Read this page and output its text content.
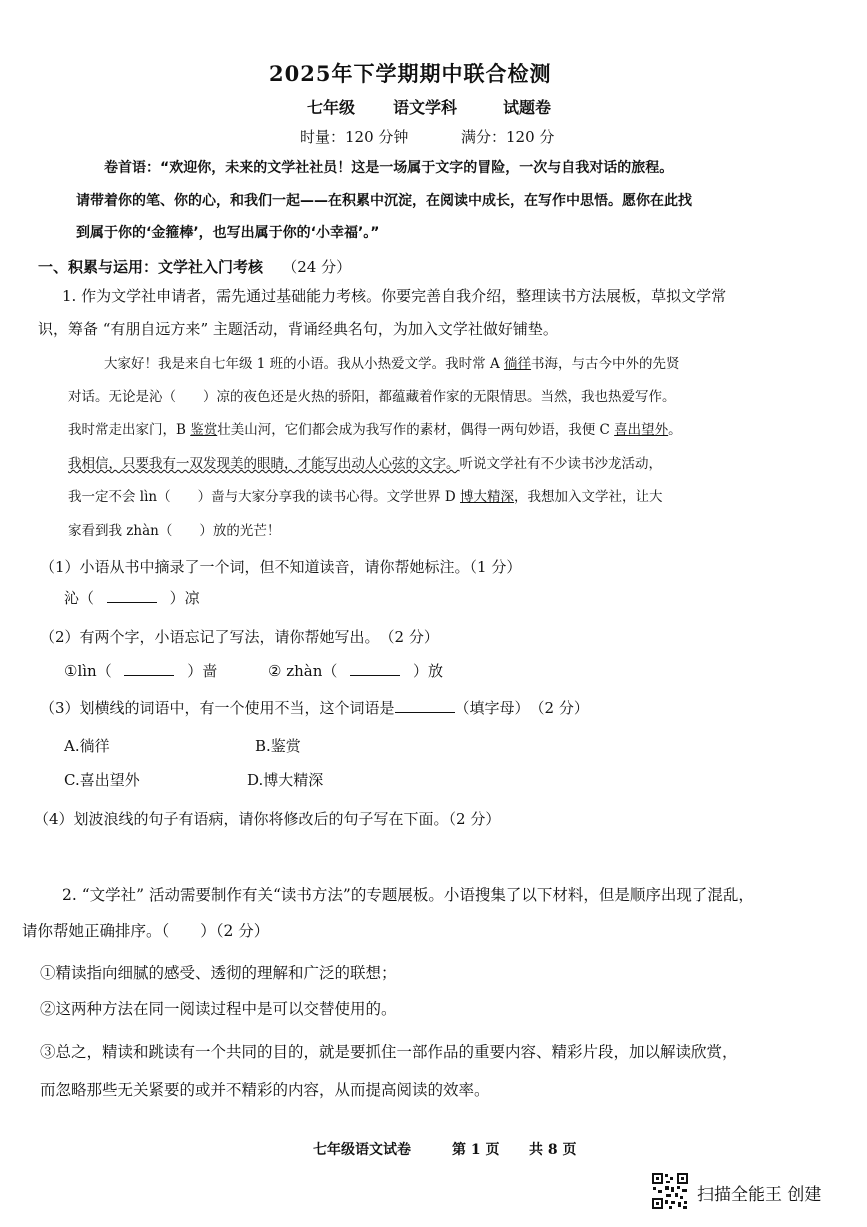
2025年下学期期中联合检测
七年级 语文学科	试题卷
时量：120 分钟	满分：120 分
卷首语：“欢迎你，未来的文学社社员！这是一场属于文字的冒险，一次与自我对话的旅程。
请带着你的笔、你的心，和我们一起——在积累中沉淀，在阅读中成长，在写作中思悟。愿你在此找
到属于你的‘金箍棒’，也写出属于你的‘小幸福’。”
一、积累与运用：文学社入门考核 （24 分）
1. 作为文学社申请者，需先通过基础能力考核。你要完善自我介绍，整理读书方法展板，草拟文学常
识，筹备 “有朋自远方来” 主题活动，背诵经典名句，为加入文学社做好铺垫。
大家好！我是来自七年级 1 班的小语。我从小热爱文学。我时常 A 徜徉书海，与古今中外的先贤
对话。无论是沁（　　）凉的夜色还是火热的骄阳，都蕴藏着作家的无限情思。当然，我也热爱写作。
我时常走出家门，B 鉴赏壮美山河，它们都会成为我写作的素材，偶得一两句妙语，我便 C 喜出望外。
我相信，只要我有一双发现美的眼睛，才能写出动人心弦的文字。听说文学社有不少读书沙龙活动，
我一定不会 lìn（　　）啬与大家分享我的读书心得。文学世界 D 博大精深，我想加入文学社，让大
家看到我 zhàn（　　）放的光芒！
（1）小语从书中摘录了一个词，但不知道读音，请你帮她标注。（1 分）
沁（	）凉
（2）有两个字，小语忘记了写法，请你帮她写出。　（2 分）
①lìn（	）啬	② zhàn（	）放
（3）划横线的词语中，有一个使用不当，这个词语是	（填字母）　（2 分）
A.徜徉	B.鉴赏
C.喜出望外	D.博大精深
（4）划波浪线的句子有语病，请你将修改后的句子写在下面。（2 分）
2. “文学社” 活动需要制作有关“读书方法”的专题展板。小语搜集了以下材料，但是顺序出现了混乱，
请你帮她正确排序。（　　）（2 分）
①精读指向细腻的感受、透彻的理解和广泛的联想；
②这两种方法在同一阅读过程中是可以交替使用的。
③总之，精读和跳读有一个共同的目的，就是要抓住一部作品的重要内容、精彩片段，加以解读欣赏，
而忽略那些无关紧要的或并不精彩的内容，从而提高阅读的效率。
七年级语文试卷	第 1 页 共 8 页
扫描全能王 创建
